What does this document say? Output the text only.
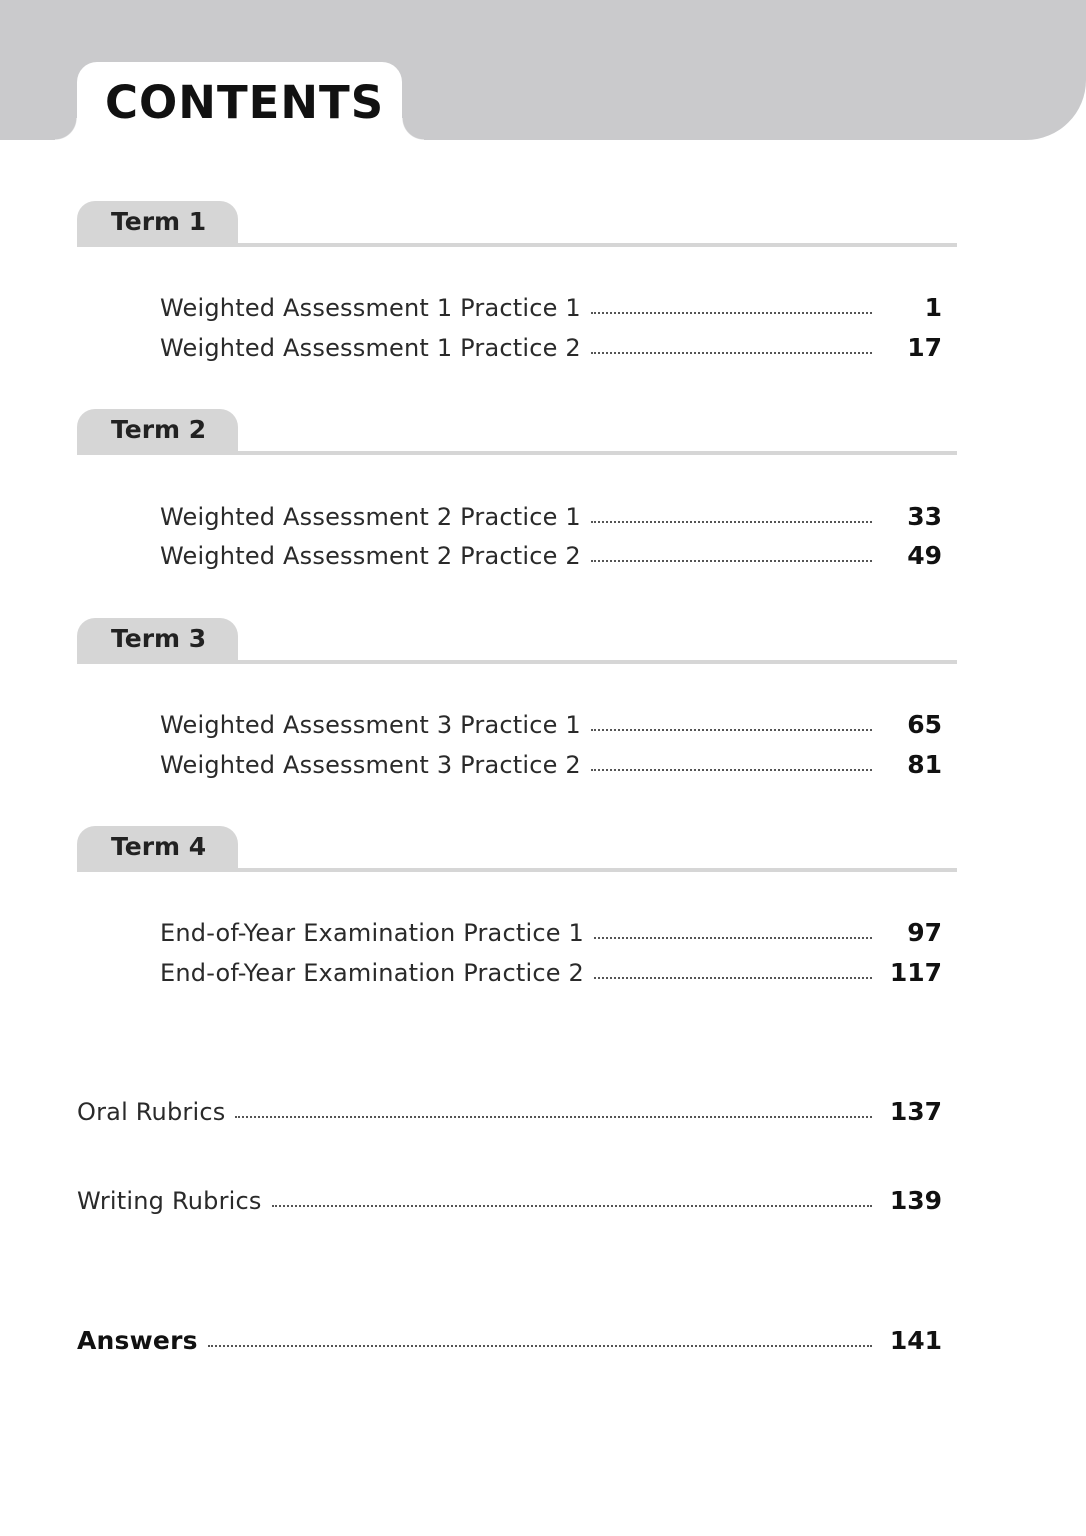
CONTENTS
Term 1
Weighted Assessment 1 Practice 1	1
Weighted Assessment 1 Practice 2	17
Term 2
Weighted Assessment 2 Practice 1	33
Weighted Assessment 2 Practice 2	49
Term 3
Weighted Assessment 3 Practice 1	65
Weighted Assessment 3 Practice 2	81
Term 4
End-of-Year Examination Practice 1	97
End-of-Year Examination Practice 2	117
Oral Rubrics	137
Writing Rubrics	139
Answers	141
